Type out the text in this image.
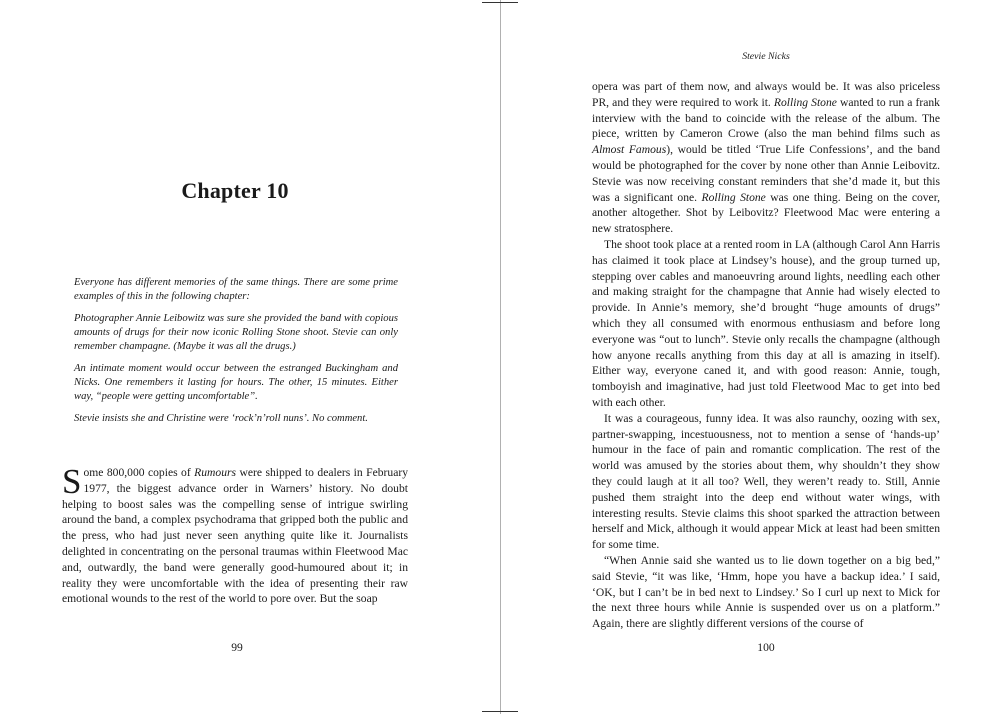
Chapter 10

Everyone has different memories of the same things. There are some prime examples of this in the following chapter:

Photographer Annie Leibowitz was sure she provided the band with copious amounts of drugs for their now iconic Rolling Stone shoot. Stevie can only remember champagne. (Maybe it was all the drugs.)

An intimate moment would occur between the estranged Buckingham and Nicks. One remembers it lasting for hours. The other, 15 minutes. Either way, “people were getting uncomfortable”.

Stevie insists she and Christine were ‘rock’n’roll nuns’. No comment.

Some 800,000 copies of Rumours were shipped to dealers in February 1977, the biggest advance order in Warners’ history. No doubt helping to boost sales was the compelling sense of intrigue swirling around the band, a complex psychodrama that gripped both the public and the press, who had just never seen anything quite like it. Journalists delighted in concentrating on the personal traumas within Fleetwood Mac and, outwardly, the band were generally good-humoured about it; in reality they were uncomfortable with the idea of presenting their raw emotional wounds to the rest of the world to pore over. But the soap

99
Stevie Nicks

opera was part of them now, and always would be. It was also priceless PR, and they were required to work it. Rolling Stone wanted to run a frank interview with the band to coincide with the release of the album. The piece, written by Cameron Crowe (also the man behind films such as Almost Famous), would be titled ‘True Life Confessions’, and the band would be photographed for the cover by none other than Annie Leibovitz. Stevie was now receiving constant reminders that she’d made it, but this was a significant one. Rolling Stone was one thing. Being on the cover, another altogether. Shot by Leibovitz? Fleetwood Mac were entering a new stratosphere.

The shoot took place at a rented room in LA (although Carol Ann Harris has claimed it took place at Lindsey’s house), and the group turned up, stepping over cables and manoeuvring around lights, needling each other and making straight for the champagne that Annie had wisely elected to provide. In Annie’s memory, she’d brought “huge amounts of drugs” which they all consumed with enormous enthusiasm and before long everyone was “out to lunch”. Stevie only recalls the champagne (although how anyone recalls anything from this day at all is amazing in itself). Either way, everyone caned it, and with good reason: Annie, tough, tomboyish and imaginative, had just told Fleetwood Mac to get into bed with each other.

It was a courageous, funny idea. It was also raunchy, oozing with sex, partner-swapping, incestuousness, not to mention a sense of ‘hands-up’ humour in the face of pain and romantic complication. The rest of the world was amused by the stories about them, why shouldn’t they show they could laugh at it all too? Well, they weren’t ready to. Still, Annie pushed them straight into the deep end without water wings, with interesting results. Stevie claims this shoot sparked the attraction between herself and Mick, although it would appear Mick at least had been smitten for some time.

“When Annie said she wanted us to lie down together on a big bed,” said Stevie, “it was like, ‘Hmm, hope you have a backup idea.’ I said, ‘OK, but I can’t be in bed next to Lindsey.’ So I curl up next to Mick for the next three hours while Annie is suspended over us on a platform.” Again, there are slightly different versions of the course of

100
